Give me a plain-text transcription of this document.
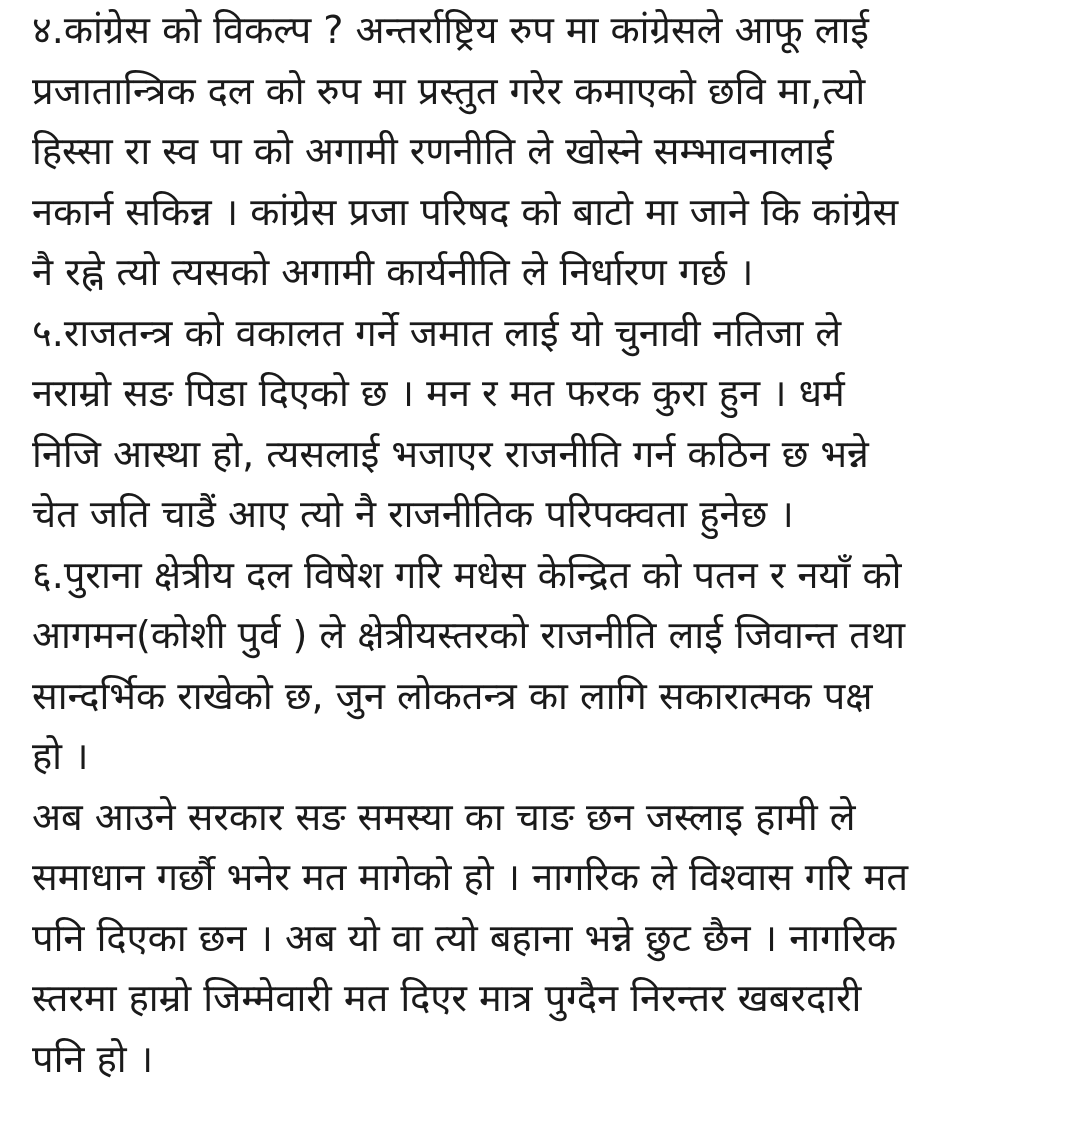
४.कांग्रेस को विकल्प ? अन्तर्राष्ट्रिय रुप मा कांग्रेसले आफू लाई
प्रजातान्त्रिक दल को रुप मा प्रस्तुत गरेर कमाएको छवि मा,त्यो
हिस्सा रा स्व पा को अगामी रणनीति ले खोस्ने सम्भावनालाई
नकार्न सकिन्न । कांग्रेस प्रजा परिषद को बाटो मा जाने कि कांग्रेस
नै रह्ने त्यो त्यसको अगामी कार्यनीति ले निर्धारण गर्छ ।
५.राजतन्त्र को वकालत गर्ने जमात लाई यो चुनावी नतिजा ले
नराम्रो सङ पिडा दिएको छ । मन र मत फरक कुरा हुन । धर्म
निजि आस्था हो, त्यसलाई भजाएर राजनीति गर्न कठिन छ भन्ने
चेत जति चाडैं आए त्यो नै राजनीतिक परिपक्वता हुनेछ ।
६.पुराना क्षेत्रीय दल विषेश गरि मधेस केन्द्रित को पतन र नयाँ को
आगमन(कोशी पुर्व ) ले क्षेत्रीयस्तरको राजनीति लाई जिवान्त तथा
सान्दर्भिक राखेको छ, जुन लोकतन्त्र का लागि सकारात्मक पक्ष
हो ।
अब आउने सरकार सङ समस्या का चाङ छन जस्लाइ हामी ले
समाधान गर्छौ भनेर मत मागेको हो । नागरिक ले विश्वास गरि मत
पनि दिएका छन । अब यो वा त्यो बहाना भन्ने छुट छैन । नागरिक
स्तरमा हाम्रो जिम्मेवारी मत दिएर मात्र पुग्दैन निरन्तर खबरदारी
पनि हो ।
